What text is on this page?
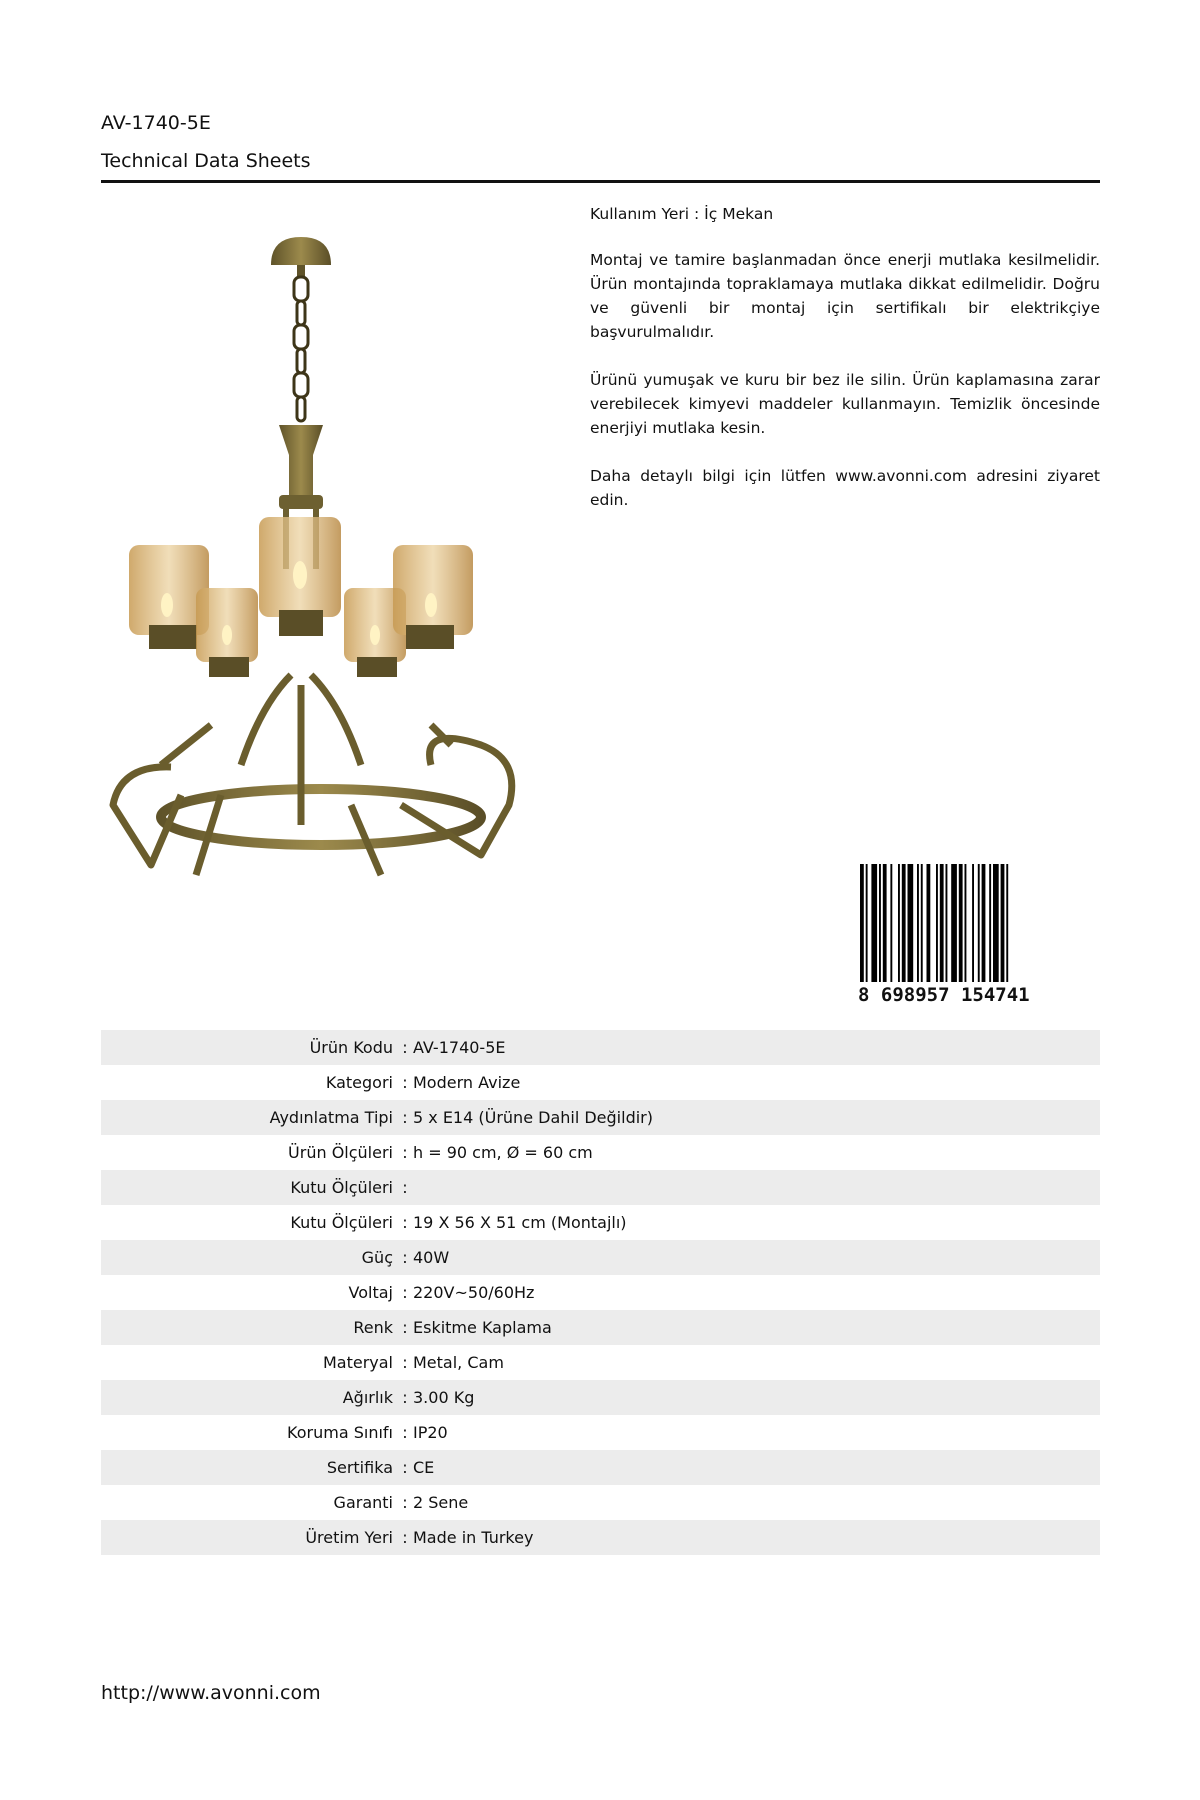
AV-1740-5E
Technical Data Sheets

Kullanım Yeri : İç Mekan

Montaj ve tamire başlanmadan önce enerji mutlaka kesilmelidir. Ürün montajında topraklamaya mutlaka dikkat edilmelidir. Doğru ve güvenli bir montaj için sertifikalı bir elektrikçiye başvurulmalıdır.

Ürünü yumuşak ve kuru bir bez ile silin. Ürün kaplamasına zarar verebilecek kimyevi maddeler kullanmayın. Temizlik öncesinde enerjiyi mutlaka kesin.

Daha detaylı bilgi için lütfen www.avonni.com adresini ziyaret edin.

8 698957 154741
Ürün Kodu : AV-1740-5E
Kategori : Modern Avize
Aydınlatma Tipi : 5 x E14 (Ürüne Dahil Değildir)
Ürün Ölçüleri : h = 90 cm, Ø = 60 cm
Kutu Ölçüleri :
Kutu Ölçüleri : 19 X 56 X 51 cm (Montajlı)
Güç : 40W
Voltaj : 220V~50/60Hz
Renk : Eskitme Kaplama
Materyal : Metal, Cam
Ağırlık : 3.00 Kg
Koruma Sınıfı : IP20
Sertifika : CE
Garanti : 2 Sene
Üretim Yeri : Made in Turkey
http://www.avonni.com
